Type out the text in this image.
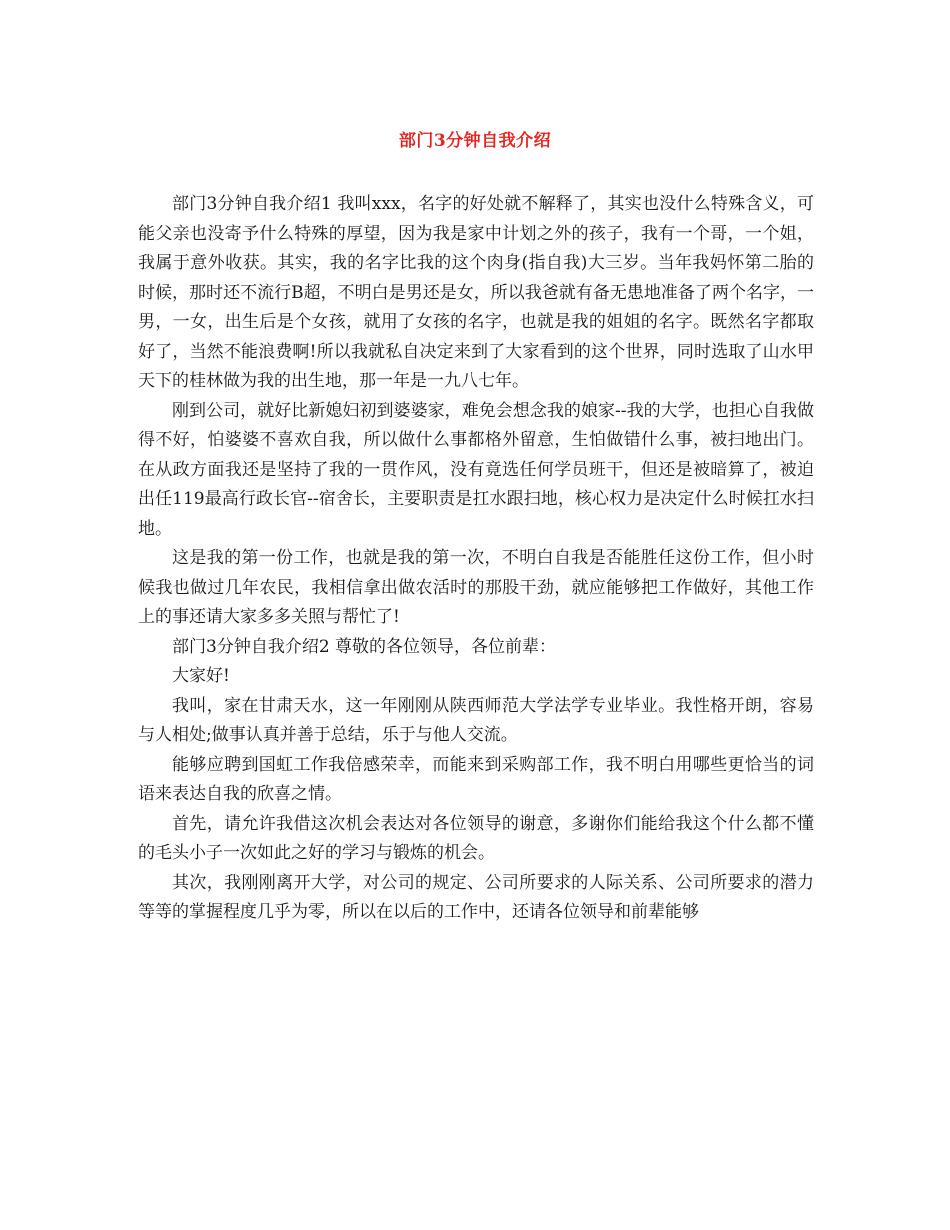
部门3分钟自我介绍

部门3分钟自我介绍1 我叫xxx，名字的好处就不解释了，其实也没什么特殊含义，可能父亲也没寄予什么特殊的厚望，因为我是家中计划之外的孩子，我有一个哥，一个姐，我属于意外收获。其实，我的名字比我的这个肉身(指自我)大三岁。当年我妈怀第二胎的时候，那时还不流行B超，不明白是男还是女，所以我爸就有备无患地准备了两个名字，一男，一女，出生后是个女孩，就用了女孩的名字，也就是我的姐姐的名字。既然名字都取好了，当然不能浪费啊!所以我就私自决定来到了大家看到的这个世界，同时选取了山水甲天下的桂林做为我的出生地，那一年是一九八七年。

刚到公司，就好比新媳妇初到婆婆家，难免会想念我的娘家--我的大学，也担心自我做得不好，怕婆婆不喜欢自我，所以做什么事都格外留意，生怕做错什么事，被扫地出门。在从政方面我还是坚持了我的一贯作风，没有竟选任何学员班干，但还是被暗算了，被迫出任119最高行政长官--宿舍长，主要职责是扛水跟扫地，核心权力是决定什么时候扛水扫地。

这是我的第一份工作，也就是我的第一次，不明白自我是否能胜任这份工作，但小时候我也做过几年农民，我相信拿出做农活时的那股干劲，就应能够把工作做好，其他工作上的事还请大家多多关照与帮忙了!

部门3分钟自我介绍2 尊敬的各位领导，各位前辈：

大家好!

我叫，家在甘肃天水，这一年刚刚从陕西师范大学法学专业毕业。我性格开朗，容易与人相处;做事认真并善于总结，乐于与他人交流。

能够应聘到国虹工作我倍感荣幸，而能来到采购部工作，我不明白用哪些更恰当的词语来表达自我的欣喜之情。

首先，请允许我借这次机会表达对各位领导的谢意，多谢你们能给我这个什么都不懂的毛头小子一次如此之好的学习与锻炼的机会。

其次，我刚刚离开大学，对公司的规定、公司所要求的人际关系、公司所要求的潜力等等的掌握程度几乎为零，所以在以后的工作中，还请各位领导和前辈能够
